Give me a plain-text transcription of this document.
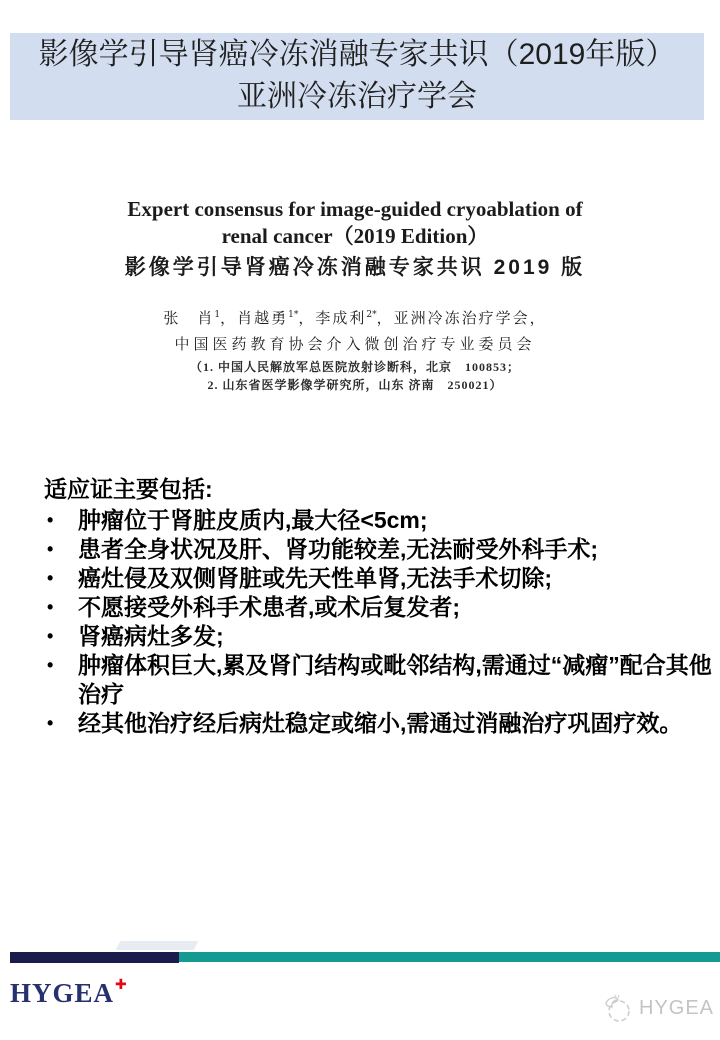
影像学引导肾癌冷冻消融专家共识（2019年版）
亚洲冷冻治疗学会
Expert consensus for image-guided cryoablation of
renal cancer（2019 Edition）
影像学引导肾癌冷冻消融专家共识 2019 版
张　肖$^1$，肖越勇$^{1*}$，李成利$^{2*}$，亚洲冷冻治疗学会，
中国医药教育协会介入微创治疗专业委员会
（1. 中国人民解放军总医院放射诊断科，北京　100853；
2. 山东省医学影像学研究所，山东 济南　250021）
适应证主要包括:
• 肿瘤位于肾脏皮质内,最大径<5cm;
• 患者全身状况及肝、肾功能较差,无法耐受外科手术;
• 癌灶侵及双侧肾脏或先天性单肾,无法手术切除;
• 不愿接受外科手术患者,或术后复发者;
• 肾癌病灶多发;
• 肿瘤体积巨大,累及肾门结构或毗邻结构,需通过“减瘤”配合其他治疗
• 经其他治疗经后病灶稳定或缩小,需通过消融治疗巩固疗效。
HYGEA ✚
HYGEA
